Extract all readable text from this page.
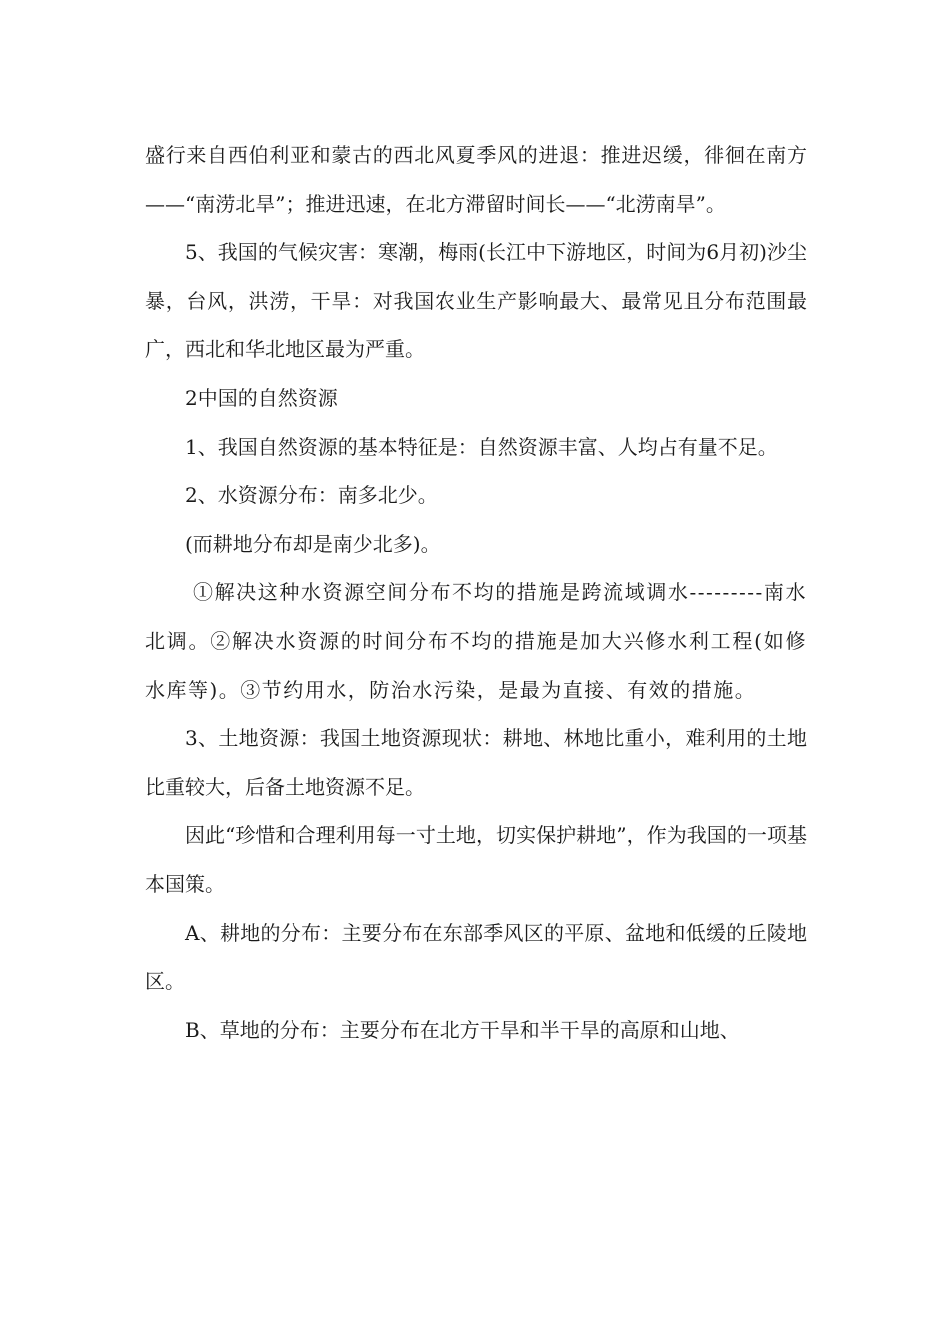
盛行来自西伯利亚和蒙古的西北风夏季风的进退：推进迟缓，徘徊在南方——“南涝北旱”；推进迅速，在北方滞留时间长——“北涝南旱”。

5、我国的气候灾害：寒潮，梅雨(长江中下游地区，时间为6月初)沙尘暴，台风，洪涝，干旱：对我国农业生产影响最大、最常见且分布范围最广，西北和华北地区最为严重。

2中国的自然资源

1、我国自然资源的基本特征是：自然资源丰富、人均占有量不足。

2、水资源分布：南多北少。

(而耕地分布却是南少北多)。

①解决这种水资源空间分布不均的措施是跨流域调水---------南水北调。②解决水资源的时间分布不均的措施是加大兴修水利工程(如修水库等)。③节约用水，防治水污染，是最为直接、有效的措施。

3、土地资源：我国土地资源现状：耕地、林地比重小，难利用的土地比重较大，后备土地资源不足。

因此“珍惜和合理利用每一寸土地，切实保护耕地”，作为我国的一项基本国策。

A、耕地的分布：主要分布在东部季风区的平原、盆地和低缓的丘陵地区。

B、草地的分布：主要分布在北方干旱和半干旱的高原和山地、
